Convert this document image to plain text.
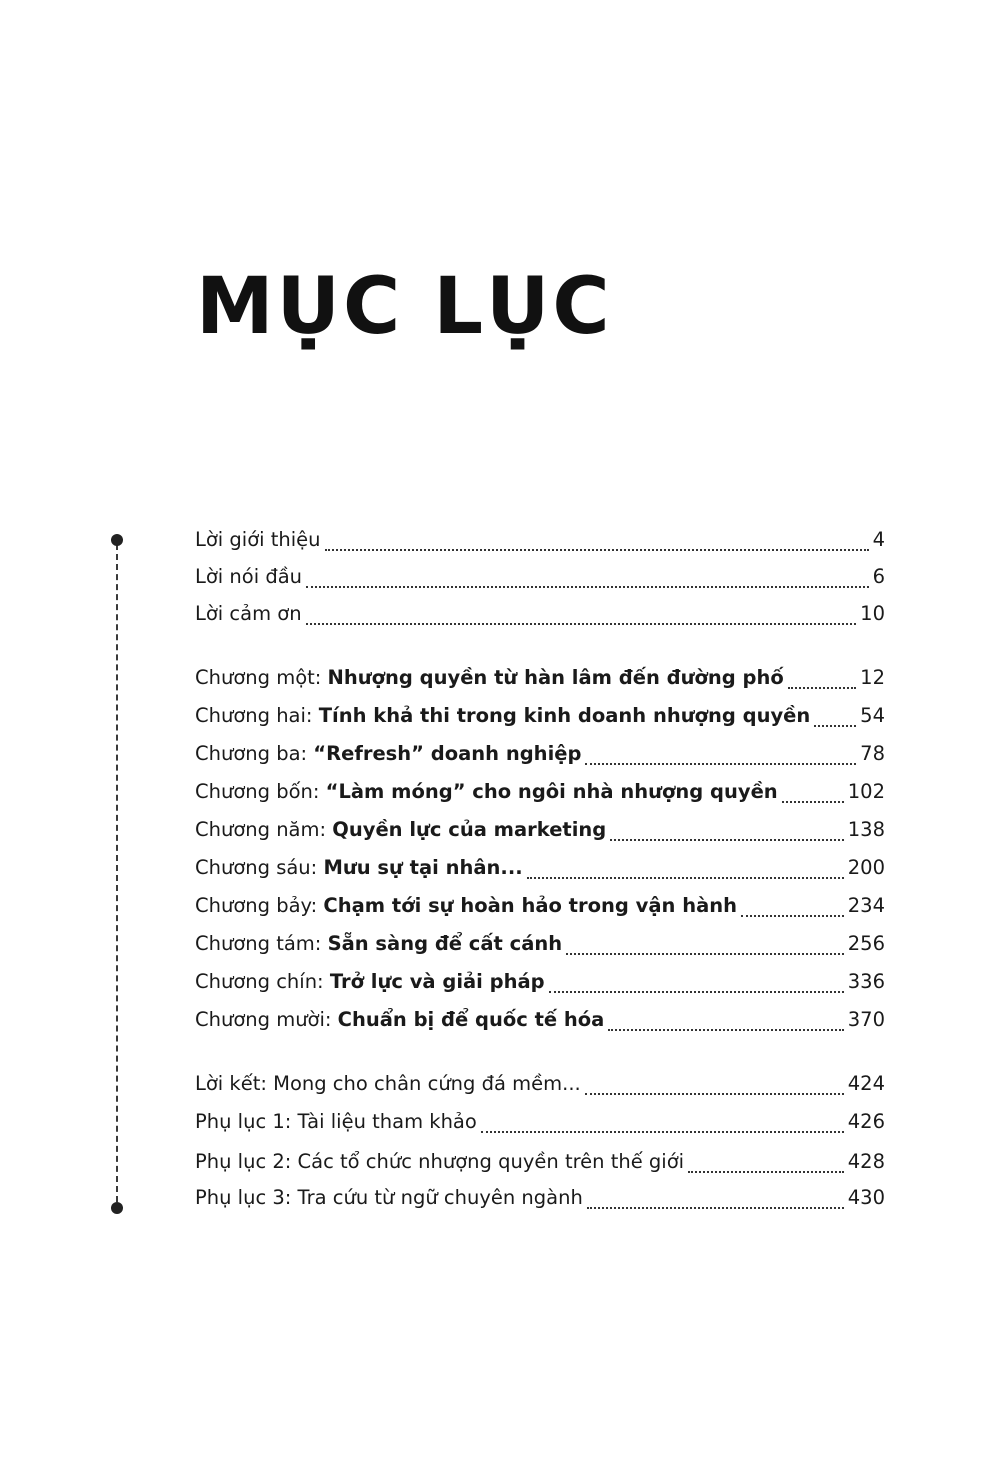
MỤC LỤC
Lời giới thiệu	4
Lời nói đầu	6
Lời cảm ơn	10
Chương một: Nhượng quyền từ hàn lâm đến đường phố	12
Chương hai: Tính khả thi trong kinh doanh nhượng quyền	54
Chương ba: “Refresh” doanh nghiệp	78
Chương bốn: “Làm móng” cho ngôi nhà nhượng quyền	102
Chương năm: Quyền lực của marketing	138
Chương sáu: Mưu sự tại nhân...	200
Chương bảy: Chạm tới sự hoàn hảo trong vận hành	234
Chương tám: Sẵn sàng để cất cánh	256
Chương chín: Trở lực và giải pháp	336
Chương mười: Chuẩn bị để quốc tế hóa	370
Lời kết: Mong cho chân cứng đá mềm...	424
Phụ lục 1: Tài liệu tham khảo	426
Phụ lục 2: Các tổ chức nhượng quyền trên thế giới	428
Phụ lục 3: Tra cứu từ ngữ chuyên ngành	430
